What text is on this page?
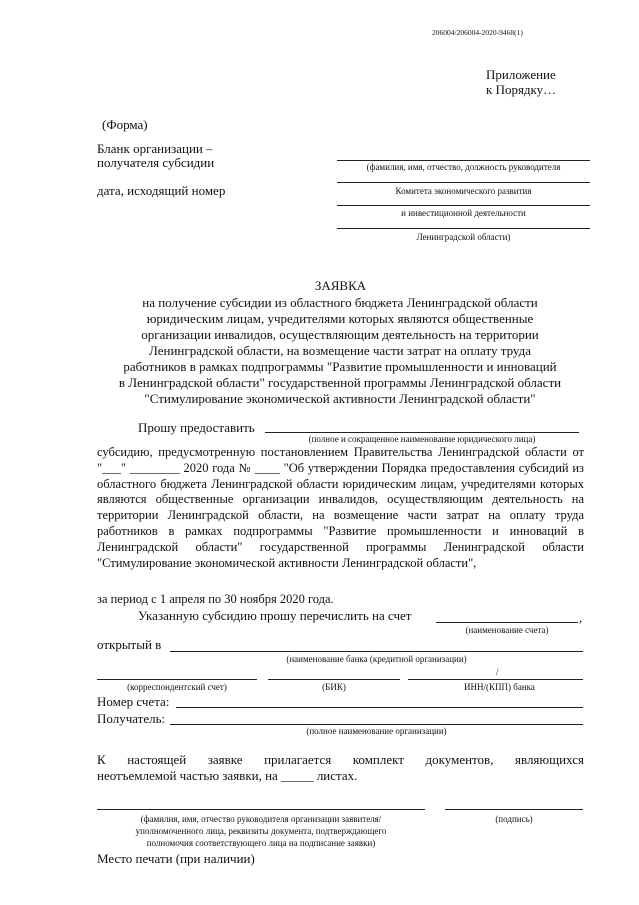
206004/206004-2020-9468(1)
Приложение
к Порядку…
(Форма)
Бланк организации –
получателя субсидии
дата, исходящий номер
(фамилия, имя, отчество, должность руководителя
Комитета экономического развития
и инвестиционной деятельности
Ленинградской области)
ЗАЯВКА
на получение субсидии из областного бюджета Ленинградской области
юридическим лицам, учредителями которых являются общественные
организации инвалидов, осуществляющим деятельность на территории
Ленинградской области, на возмещение части затрат на оплату труда
работников в рамках подпрограммы "Развитие промышленности и инноваций
в Ленинградской области" государственной программы Ленинградской области
"Стимулирование экономической активности Ленинградской области"
Прошу предоставить
(полное и сокращенное наименование юридического лица)
субсидию, предусмотренную постановлением Правительства Ленинградской области от "___" ________ 2020 года № ____ "Об утверждении Порядка предоставления субсидий из областного бюджета Ленинградской области юридическим лицам, учредителями которых являются общественные организации инвалидов, осуществляющим деятельность на территории Ленинградской области, на возмещение части затрат на оплату труда работников в рамках подпрограммы "Развитие промышленности и инноваций в Ленинградской области" государственной программы Ленинградской области "Стимулирование экономической активности Ленинградской области",
за период с 1 апреля по 30 ноября 2020 года.
Указанную субсидию прошу перечислить на счет	,
(наименование счета)
открытый в
(наименование банка (кредитной организации)
/
(корреспондентский счет)	(БИК)	ИНН/(КПП) банка
Номер счета:
Получатель:
(полное наименование организации)
К настоящей заявке прилагается комплект документов, являющихся
неотъемлемой частью заявки, на _____ листах.
(фамилия, имя, отчество руководителя организации заявителя/
уполномоченного лица, реквизиты документа, подтверждающего
полномочия соответствующего лица на подписание заявки)
(подпись)
Место печати (при наличии)
